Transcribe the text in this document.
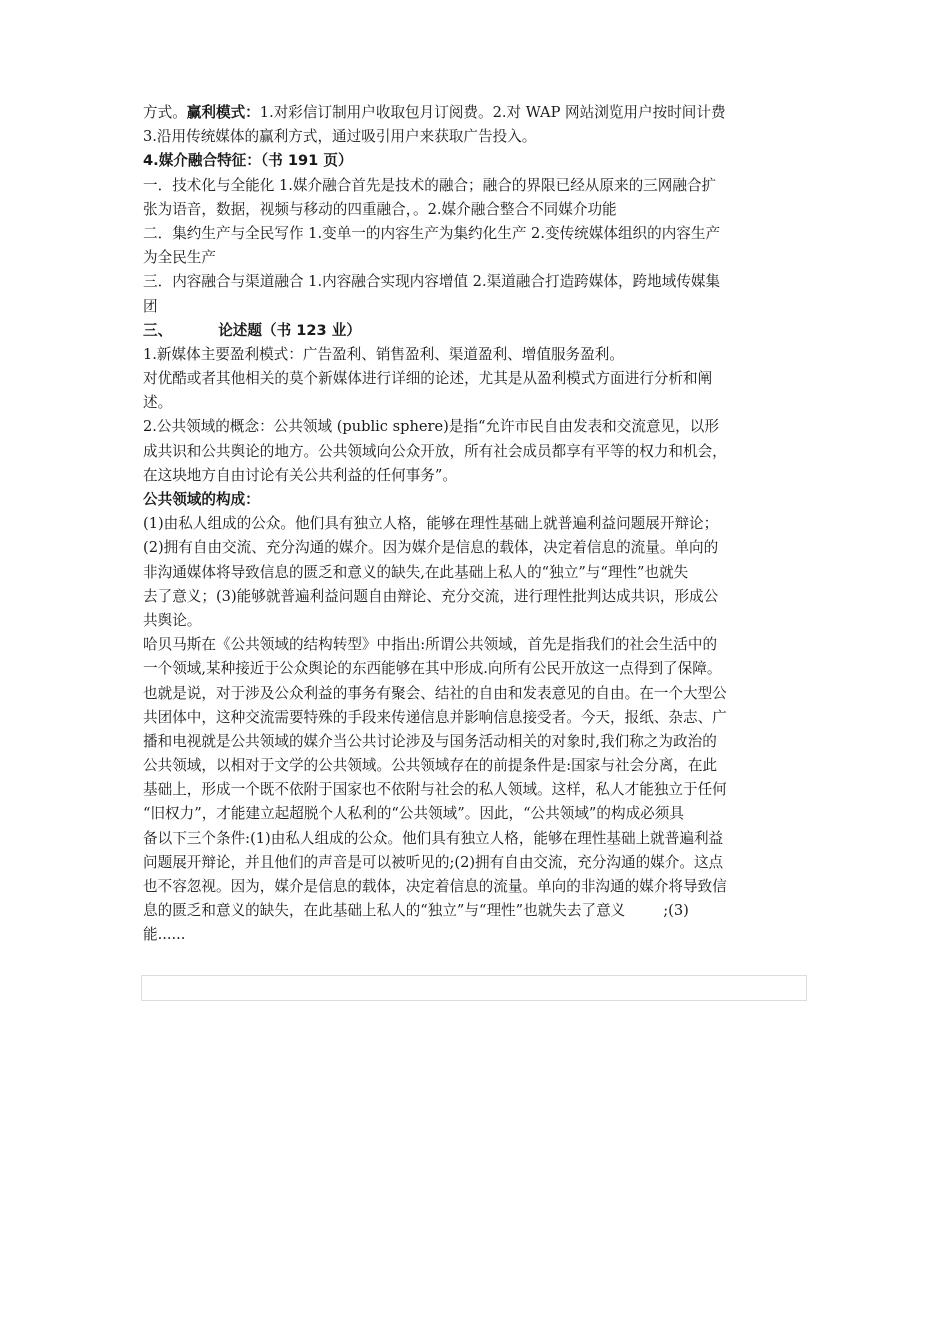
方式。赢利模式：1.对彩信订制用户收取包月订阅费。2.对 WAP 网站浏览用户按时间计费
3.沿用传统媒体的赢利方式，通过吸引用户来获取广告投入。
4.媒介融合特征：（书 191 页）
一．技术化与全能化 1.媒介融合首先是技术的融合；融合的界限已经从原来的三网融合扩
张为语音，数据，视频与移动的四重融合，。2.媒介融合整合不同媒介功能
二．集约生产与全民写作 1.变单一的内容生产为集约化生产 2.变传统媒体组织的内容生产
为全民生产
三．内容融合与渠道融合 1.内容融合实现内容增值 2.渠道融合打造跨媒体，跨地域传媒集
团
三、	论述题（书 123 业）
1.新媒体主要盈利模式：广告盈利、销售盈利、渠道盈利、增值服务盈利。
对优酷或者其他相关的莫个新媒体进行详细的论述，尤其是从盈利模式方面进行分析和阐
述。
2.公共领域的概念：公共领域 (public sphere)是指“允许市民自由发表和交流意见，以形
成共识和公共舆论的地方。公共领域向公众开放，所有社会成员都享有平等的权力和机会，
在这块地方自由讨论有关公共利益的任何事务”。
公共领域的构成：
(1)由私人组成的公众。他们具有独立人格，能够在理性基础上就普遍利益问题展开辩论；
(2)拥有自由交流、充分沟通的媒介。因为媒介是信息的载体，决定着信息的流量。单向的
非沟通媒体将导致信息的匮乏和意义的缺失,在此基础上私人的“独立”与“理性”也就失
去了意义；(3)能够就普遍利益问题自由辩论、充分交流，进行理性批判达成共识，形成公
共舆论。
哈贝马斯在《公共领域的结构转型》中指出:所谓公共领域，首先是指我们的社会生活中的
一个领域,某种接近于公众舆论的东西能够在其中形成.向所有公民开放这一点得到了保障。
也就是说，对于涉及公众利益的事务有聚会、结社的自由和发表意见的自由。在一个大型公
共团体中，这种交流需要特殊的手段来传递信息并影响信息接受者。今天，报纸、杂志、广
播和电视就是公共领域的媒介当公共讨论涉及与国务活动相关的对象时,我们称之为政治的
公共领域，以相对于文学的公共领域。公共领域存在的前提条件是:国家与社会分离，在此
基础上，形成一个既不依附于国家也不依附与社会的私人领域。这样，私人才能独立于任何
“旧权力”，才能建立起超脱个人私利的“公共领域”。因此，“公共领域”的构成必须具
备以下三个条件:(1)由私人组成的公众。他们具有独立人格，能够在理性基础上就普遍利益
问题展开辩论，并且他们的声音是可以被听见的;(2)拥有自由交流，充分沟通的媒介。这点
也不容忽视。因为，媒介是信息的载体，决定着信息的流量。单向的非沟通的媒介将导致信
息的匮乏和意义的缺失，在此基础上私人的“独立”与“理性”也就失去了意义	;(3)
能......
